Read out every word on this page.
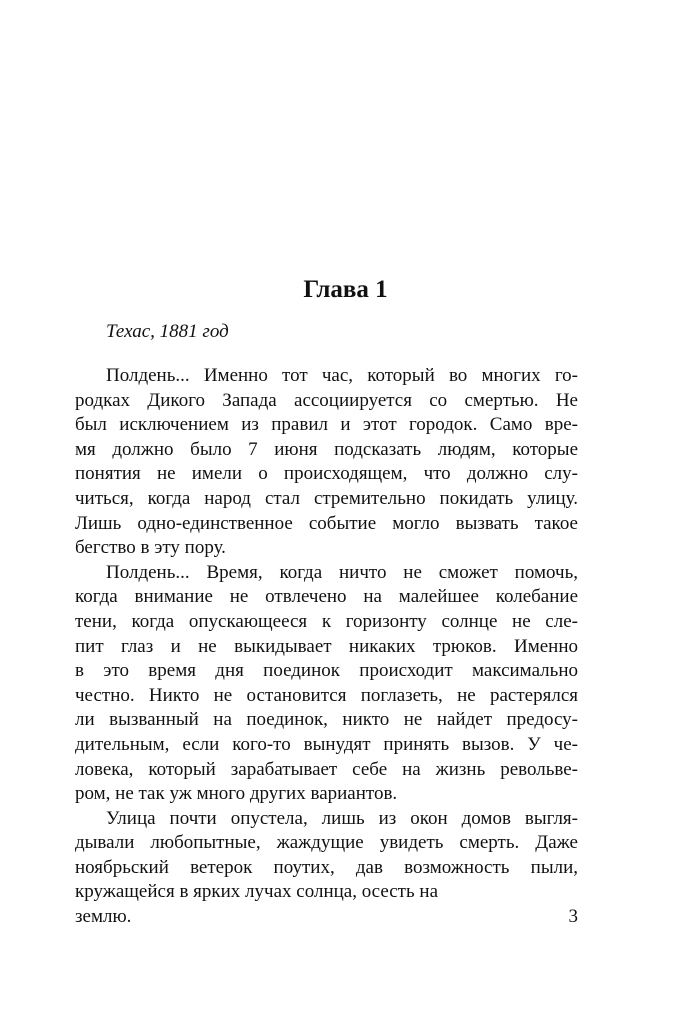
Глава 1

Техас, 1881 год

Полдень... Именно тот час, который во многих го-
родках Дикого Запада ассоциируется со смертью. Не
был исключением из правил и этот городок. Само вре-
мя должно было 7 июня подсказать людям, которые
понятия не имели о происходящем, что должно слу-
читься, когда народ стал стремительно покидать улицу.
Лишь одно-единственное событие могло вызвать такое
бегство в эту пору.
Полдень... Время, когда ничто не сможет помочь,
когда внимание не отвлечено на малейшее колебание
тени, когда опускающееся к горизонту солнце не сле-
пит глаз и не выкидывает никаких трюков. Именно
в это время дня поединок происходит максимально
честно. Никто не остановится поглазеть, не растерялся
ли вызванный на поединок, никто не найдет предосу-
дительным, если кого-то вынудят принять вызов. У че-
ловека, который зарабатывает себе на жизнь револьве-
ром, не так уж много других вариантов.
Улица почти опустела, лишь из окон домов выгля-
дывали любопытные, жаждущие увидеть смерть. Даже
ноябрьский ветерок поутих, дав возможность пыли,
кружащейся в ярких лучах солнца, осесть на
землю.	3
